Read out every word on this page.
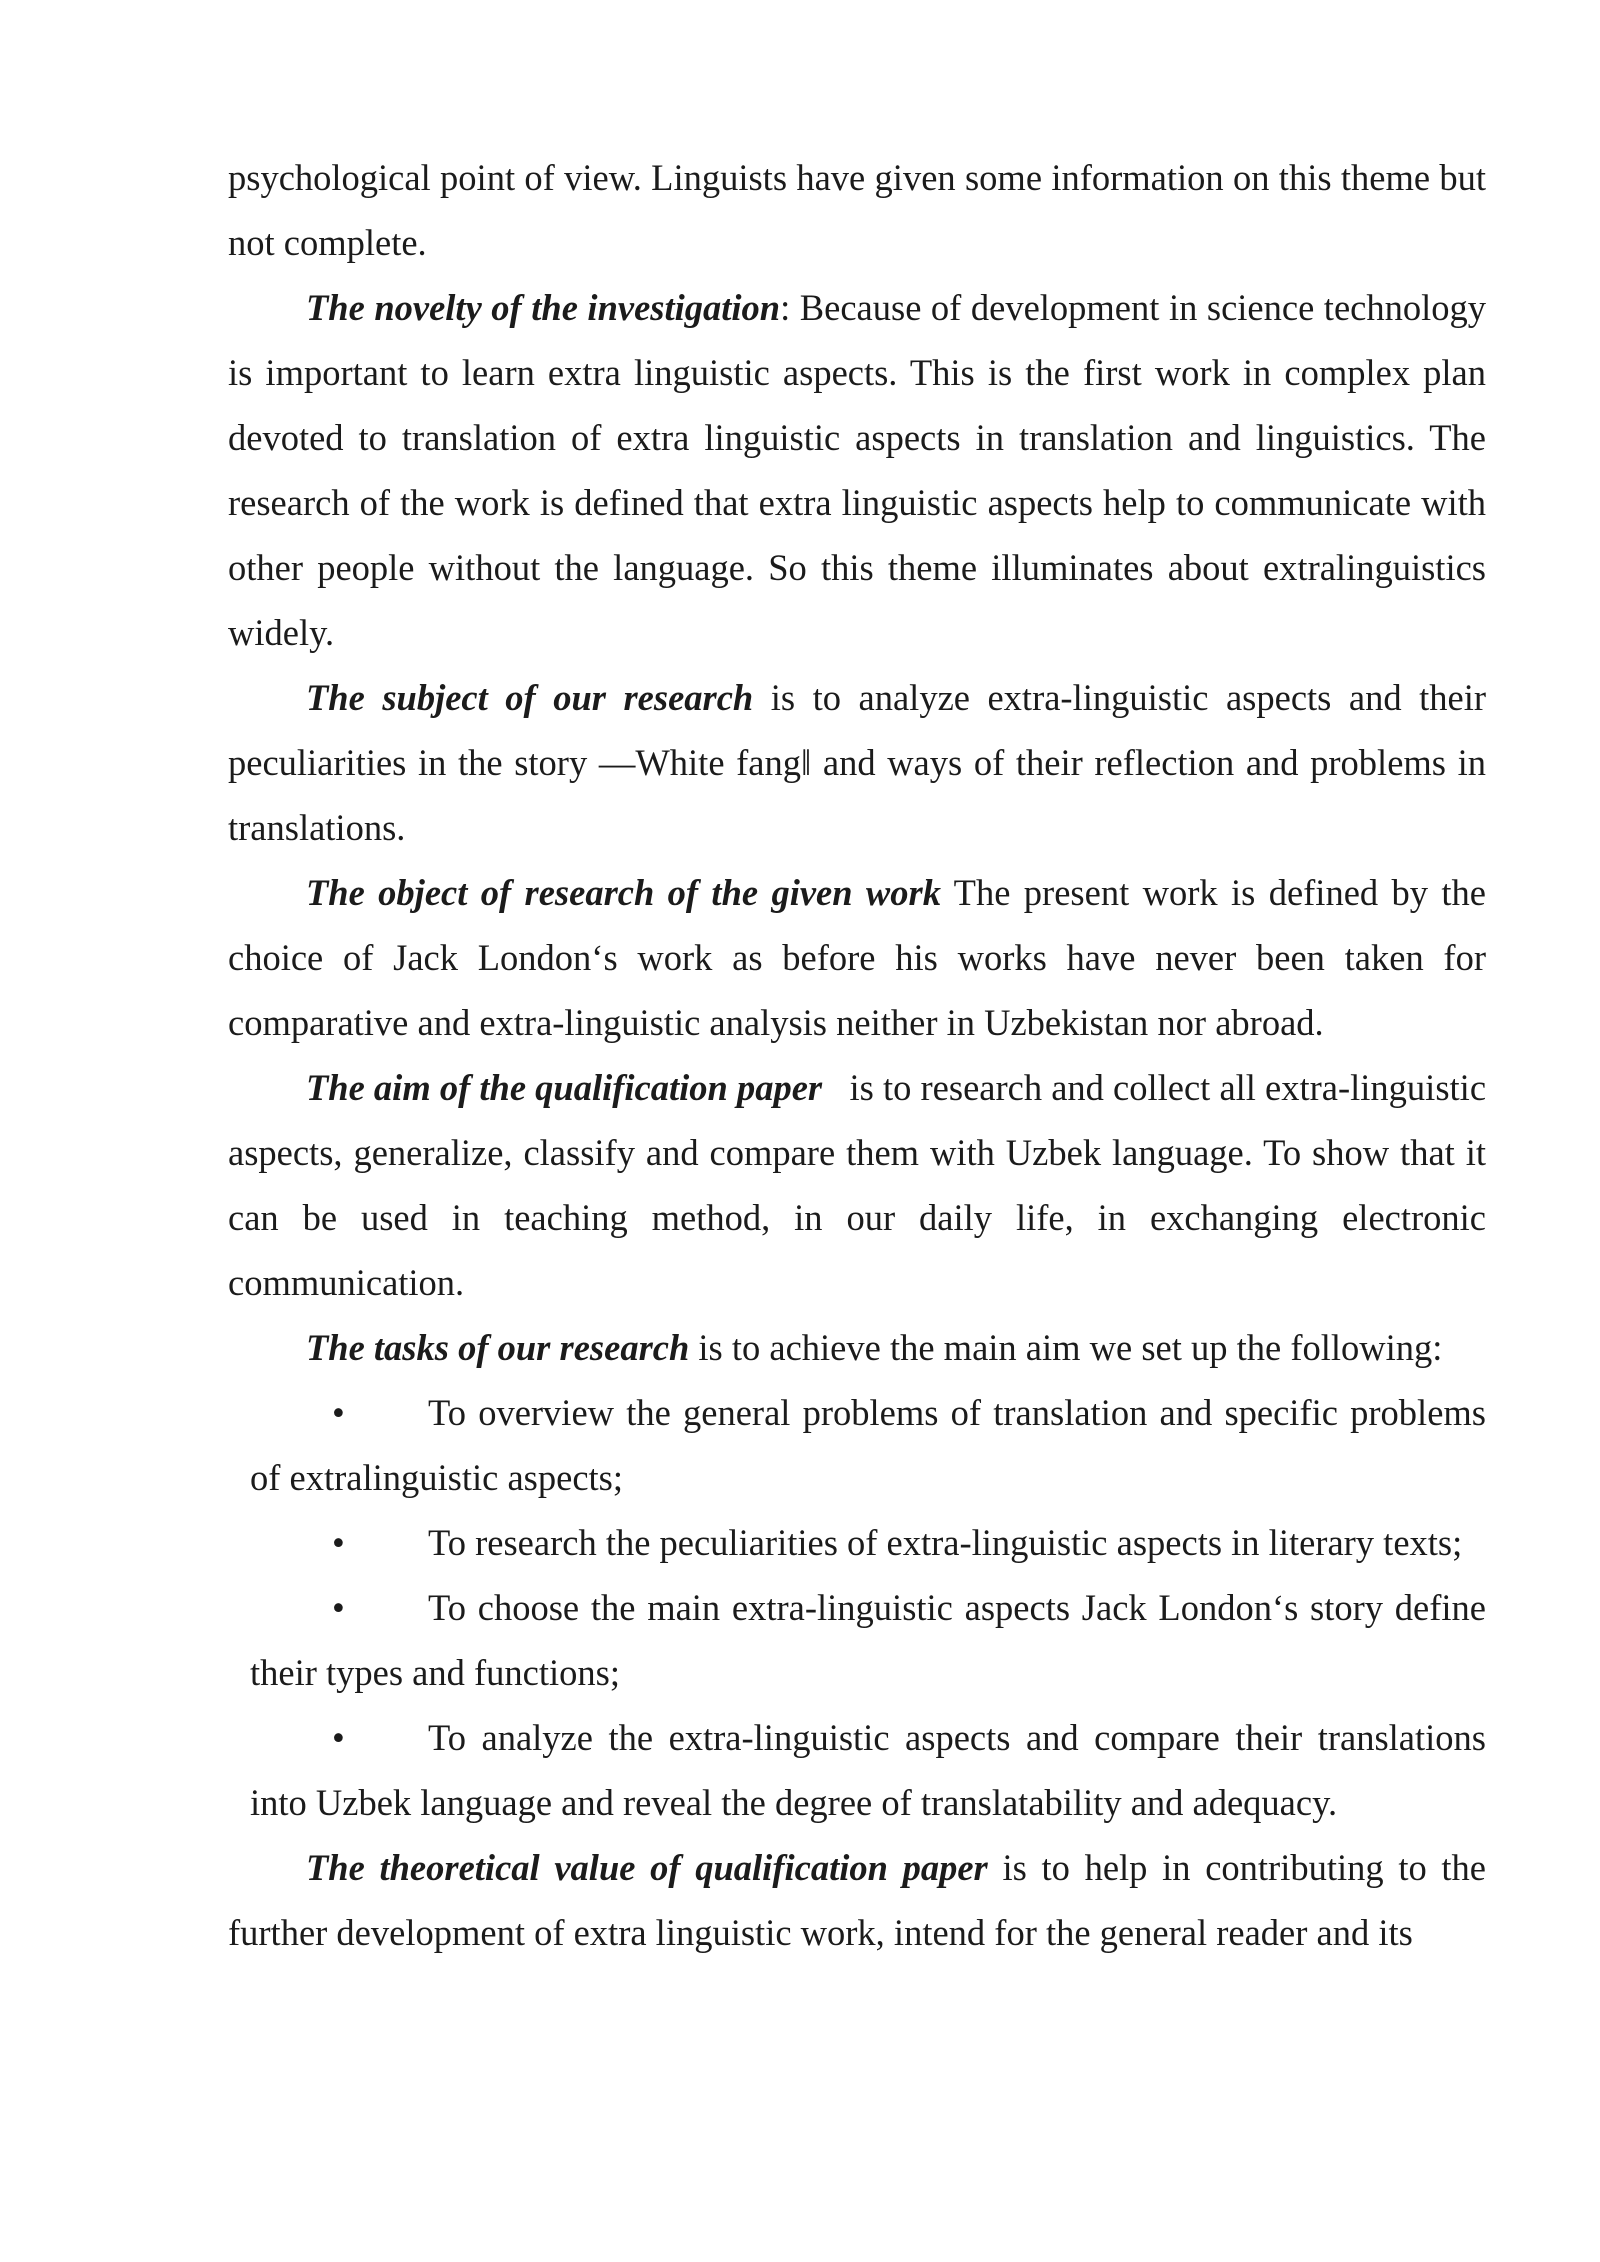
psychological point of view. Linguists have given some information on this theme but not complete.

The novelty of the investigation: Because of development in science technology is important to learn extra linguistic aspects. This is the first work in complex plan devoted to translation of extra linguistic aspects in translation and linguistics. The research of the work is defined that extra linguistic aspects help to communicate with other people without the language. So this theme illuminates about extralinguistics widely.

The subject of our research is to analyze extra-linguistic aspects and their peculiarities in the story ―White fang‖ and ways of their reflection and problems in translations.

The object of research of the given work The present work is defined by the choice of Jack London‘s work as before his works have never been taken for comparative and extra-linguistic analysis neither in Uzbekistan nor abroad.

The aim of the qualification paper   is to research and collect all extra-linguistic aspects, generalize, classify and compare them with Uzbek language. To show that it can be used in teaching method, in our daily life, in exchanging electronic communication.

The tasks of our research is to achieve the main aim we set up the following:

• To overview the general problems of translation and specific problems of extralinguistic aspects;
• To research the peculiarities of extra-linguistic aspects in literary texts;
• To choose the main extra-linguistic aspects Jack London‘s story define their types and functions;
• To analyze the extra-linguistic aspects and compare their translations into Uzbek language and reveal the degree of translatability and adequacy.

The theoretical value of qualification paper is to help in contributing to the further development of extra linguistic work, intend for the general reader and its
